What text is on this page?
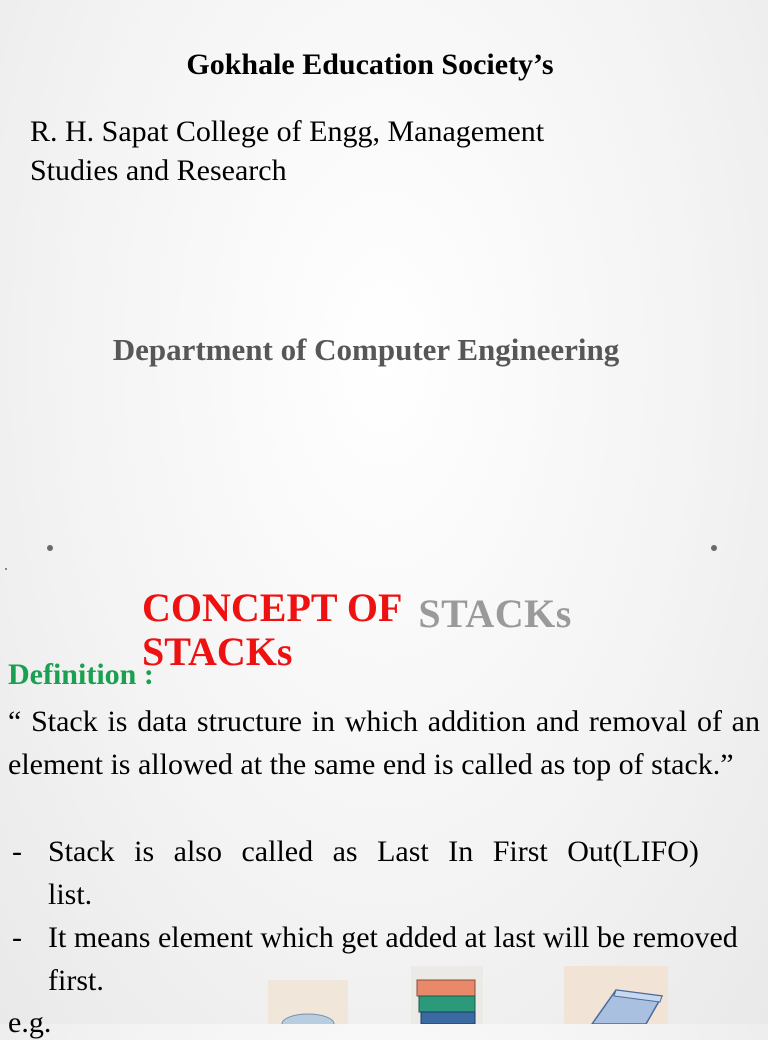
Gokhale Education Society’s
R. H. Sapat College of Engg, Management
Studies and Research
Department of Computer Engineering
STACKs
CONCEPT OF STACKs
Definition :
“ Stack is data structure in which addition and removal of an element is allowed at the same end is called as top of stack.”
- Stack is also called as Last In First Out(LIFO) list.
- It means element which get added at last will be removed first.
e.g.
